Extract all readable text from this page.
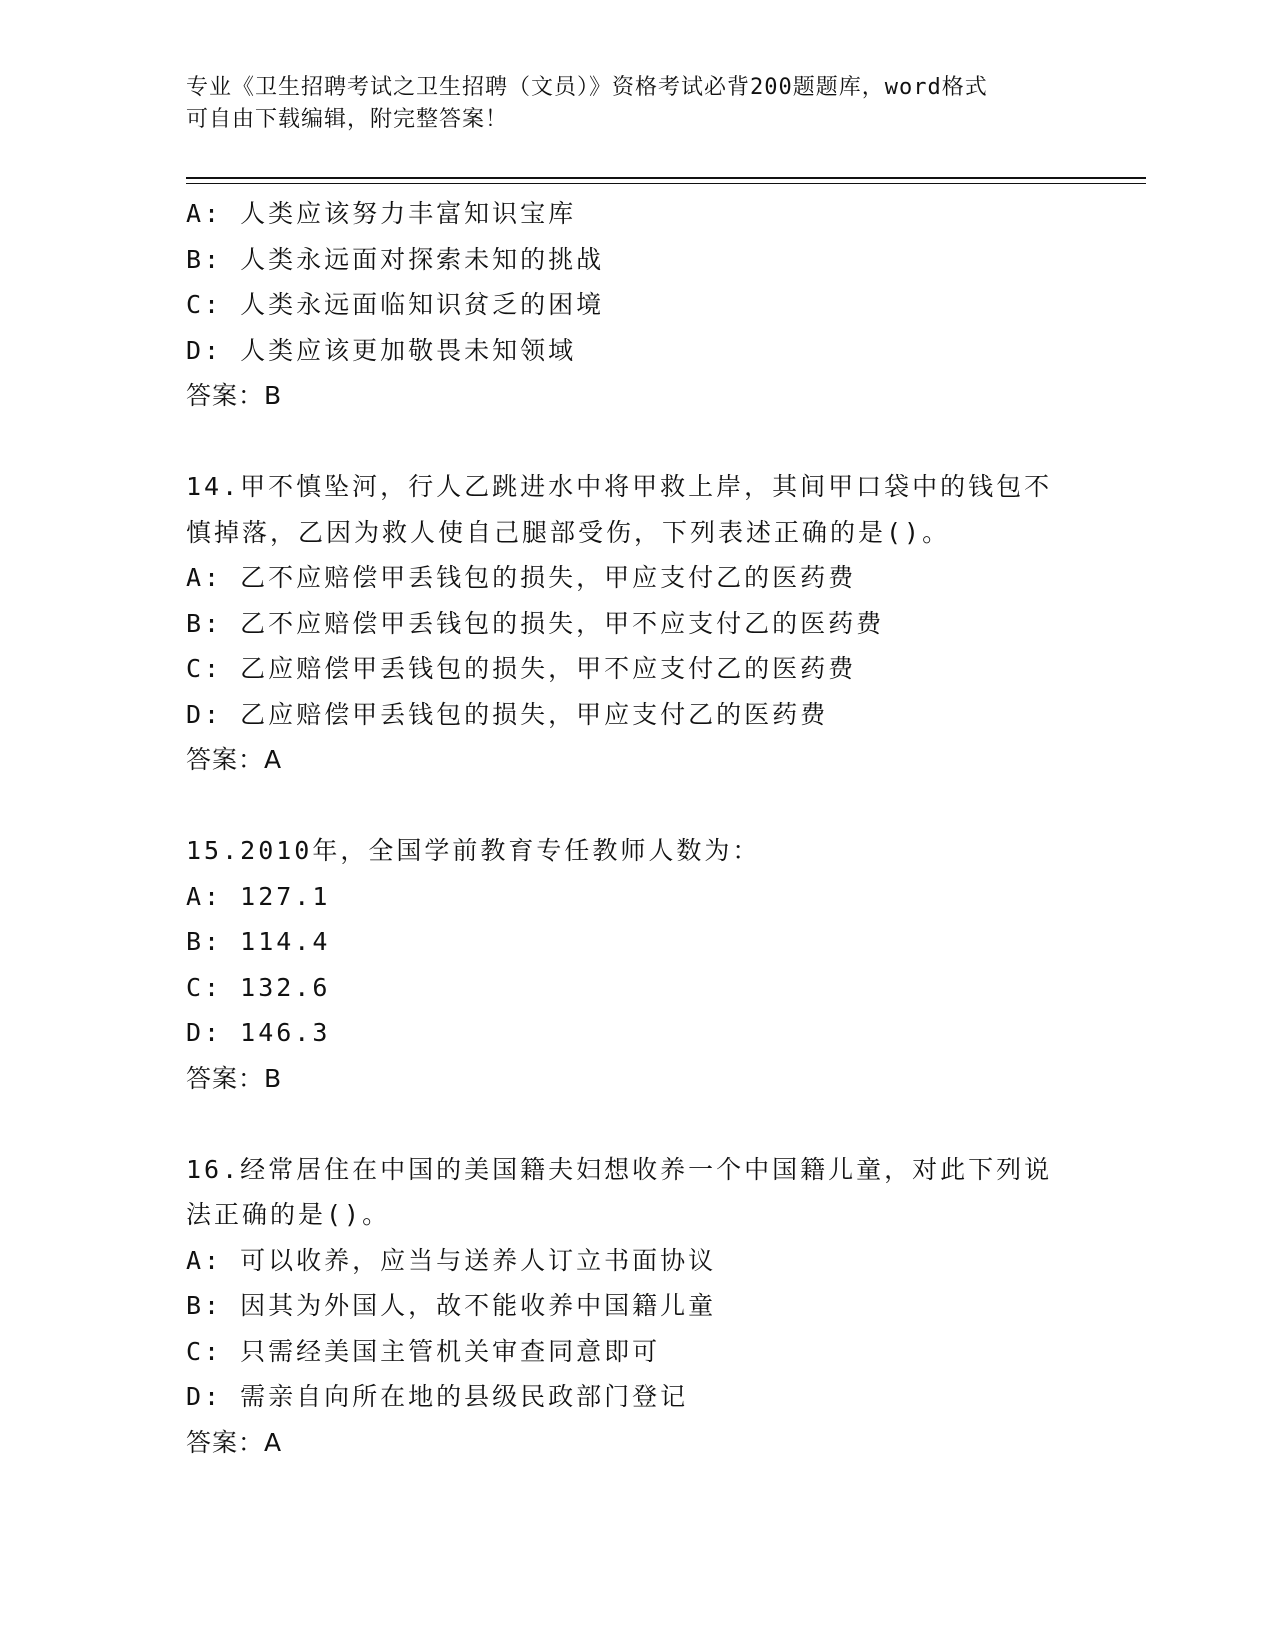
专业《卫生招聘考试之卫生招聘（文员）》资格考试必背200题题库，word格式
可自由下载编辑，附完整答案！
A: 人类应该努力丰富知识宝库
B: 人类永远面对探索未知的挑战
C: 人类永远面临知识贫乏的困境
D: 人类应该更加敬畏未知领域
答案：B
14.甲不慎坠河，行人乙跳进水中将甲救上岸，其间甲口袋中的钱包不
慎掉落，乙因为救人使自己腿部受伤，下列表述正确的是()。
A: 乙不应赔偿甲丢钱包的损失，甲应支付乙的医药费
B: 乙不应赔偿甲丢钱包的损失，甲不应支付乙的医药费
C: 乙应赔偿甲丢钱包的损失，甲不应支付乙的医药费
D: 乙应赔偿甲丢钱包的损失，甲应支付乙的医药费
答案：A
15.2010年，全国学前教育专任教师人数为：
A: 127.1
B: 114.4
C: 132.6
D: 146.3
答案：B
16.经常居住在中国的美国籍夫妇想收养一个中国籍儿童，对此下列说
法正确的是()。
A: 可以收养，应当与送养人订立书面协议
B: 因其为外国人，故不能收养中国籍儿童
C: 只需经美国主管机关审查同意即可
D: 需亲自向所在地的县级民政部门登记
答案：A
